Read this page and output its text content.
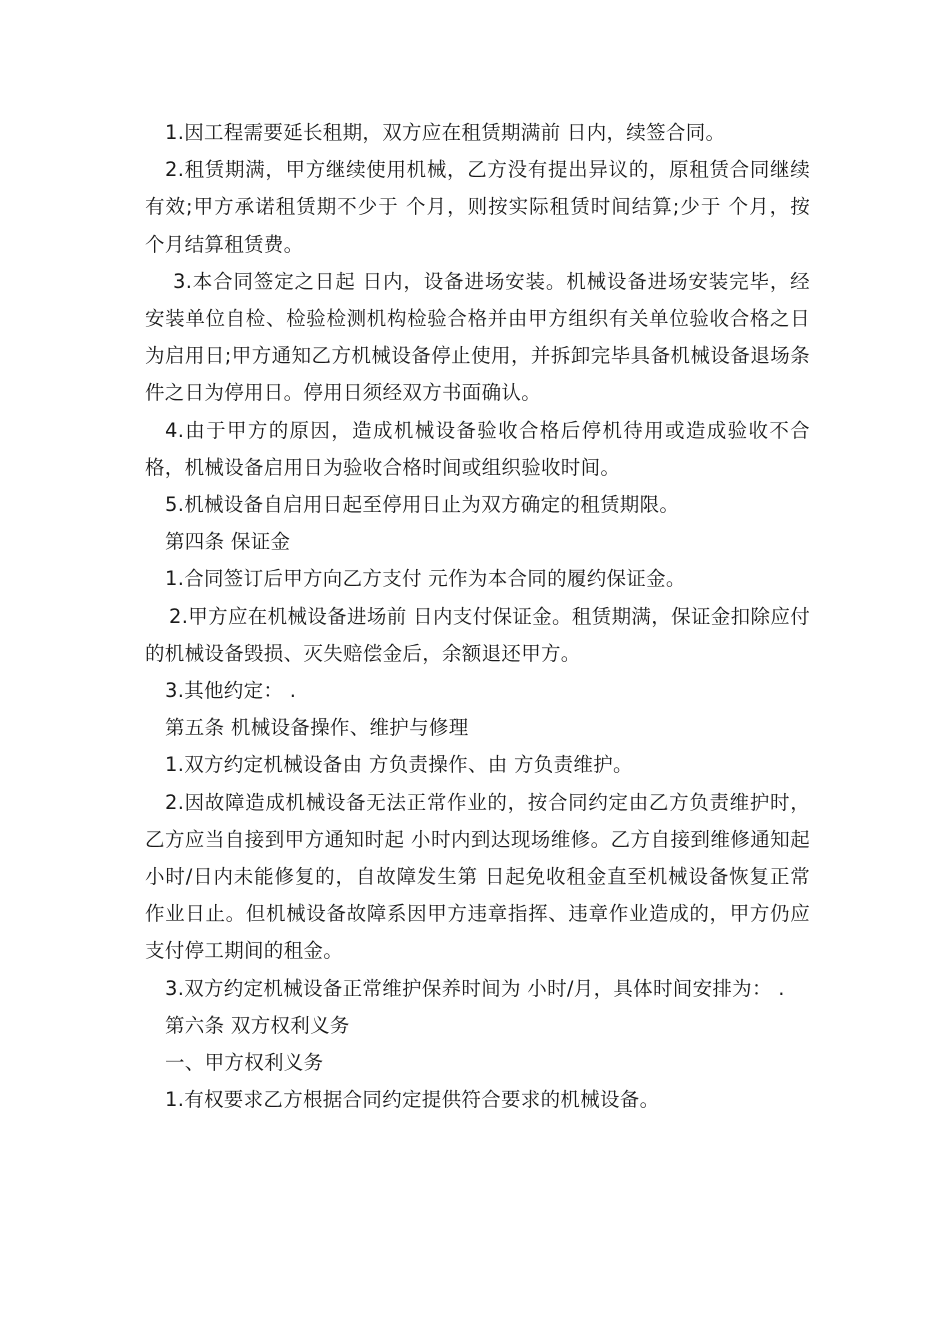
1.因工程需要延长租期，双方应在租赁期满前 日内，续签合同。

2.租赁期满，甲方继续使用机械，乙方没有提出异议的，原租赁合同继续有效;甲方承诺租赁期不少于 个月，则按实际租赁时间结算;少于 个月，按 个月结算租赁费。

3.本合同签定之日起 日内，设备进场安装。机械设备进场安装完毕，经安装单位自检、检验检测机构检验合格并由甲方组织有关单位验收合格之日为启用日;甲方通知乙方机械设备停止使用，并拆卸完毕具备机械设备退场条件之日为停用日。停用日须经双方书面确认。

4.由于甲方的原因，造成机械设备验收合格后停机待用或造成验收不合格，机械设备启用日为验收合格时间或组织验收时间。

5.机械设备自启用日起至停用日止为双方确定的租赁期限。

第四条 保证金

1.合同签订后甲方向乙方支付 元作为本合同的履约保证金。

2.甲方应在机械设备进场前 日内支付保证金。租赁期满，保证金扣除应付的机械设备毁损、灭失赔偿金后，余额退还甲方。

3.其他约定： .

第五条 机械设备操作、维护与修理

1.双方约定机械设备由 方负责操作、由 方负责维护。

2.因故障造成机械设备无法正常作业的，按合同约定由乙方负责维护时，乙方应当自接到甲方通知时起 小时内到达现场维修。乙方自接到维修通知起 小时/日内未能修复的，自故障发生第 日起免收租金直至机械设备恢复正常作业日止。但机械设备故障系因甲方违章指挥、违章作业造成的，甲方仍应支付停工期间的租金。

3.双方约定机械设备正常维护保养时间为 小时/月，具体时间安排为： .

第六条 双方权利义务

一、甲方权利义务

1.有权要求乙方根据合同约定提供符合要求的机械设备。
